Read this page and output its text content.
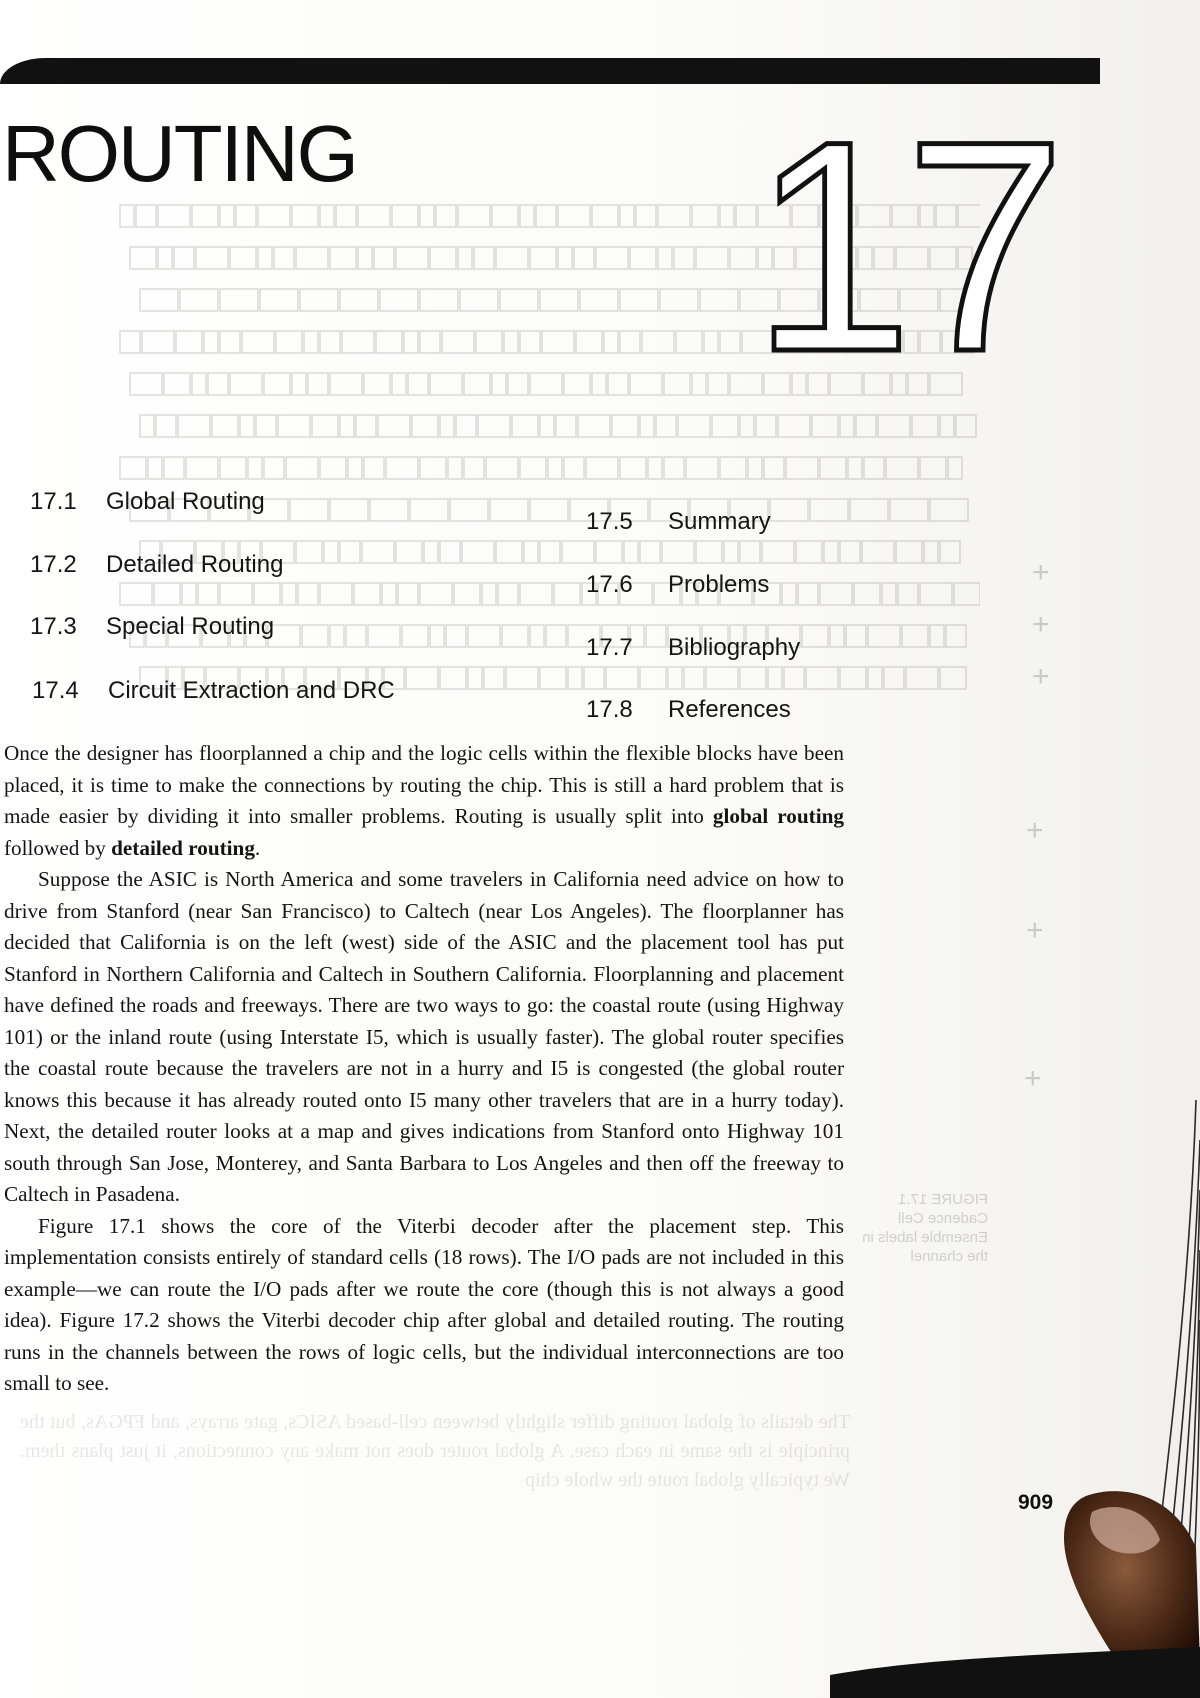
ROUTING 17
17.1 Global Routing
17.2 Detailed Routing
17.3 Special Routing
17.4 Circuit Extraction and DRC
17.5 Summary
17.6 Problems
17.7 Bibliography
17.8 References

Once the designer has floorplanned a chip and the logic cells within the flexible blocks have been placed, it is time to make the connections by routing the chip. This is still a hard problem that is made easier by dividing it into smaller problems. Routing is usually split into global routing followed by detailed routing.

Suppose the ASIC is North America and some travelers in California need advice on how to drive from Stanford (near San Francisco) to Caltech (near Los Angeles). The floorplanner has decided that California is on the left (west) side of the ASIC and the placement tool has put Stanford in Northern California and Caltech in Southern California. Floorplanning and placement have defined the roads and freeways. There are two ways to go: the coastal route (using Highway 101) or the inland route (using Interstate I5, which is usually faster). The global router specifies the coastal route because the travelers are not in a hurry and I5 is congested (the global router knows this because it has already routed onto I5 many other travelers that are in a hurry today). Next, the detailed router looks at a map and gives indications from Stanford onto Highway 101 south through San Jose, Monterey, and Santa Barbara to Los Angeles and then off the freeway to Caltech in Pasadena.

Figure 17.1 shows the core of the Viterbi decoder after the placement step. This implementation consists entirely of standard cells (18 rows). The I/O pads are not included in this example—we can route the I/O pads after we route the core (though this is not always a good idea). Figure 17.2 shows the Viterbi decoder chip after global and detailed routing. The routing runs in the channels between the rows of logic cells, but the individual interconnections are too small to see.

The details of global routing differ slightly between cell-based ASICs, gate arrays, and FPGAs, but the principle is the same in each case. A global router does not make any connections, it just plans them. We typically global route the whole chip
FIGURE 17.1 Cadence Cell Ensemble labels in the channel
+
+
+
+
+
+
909
